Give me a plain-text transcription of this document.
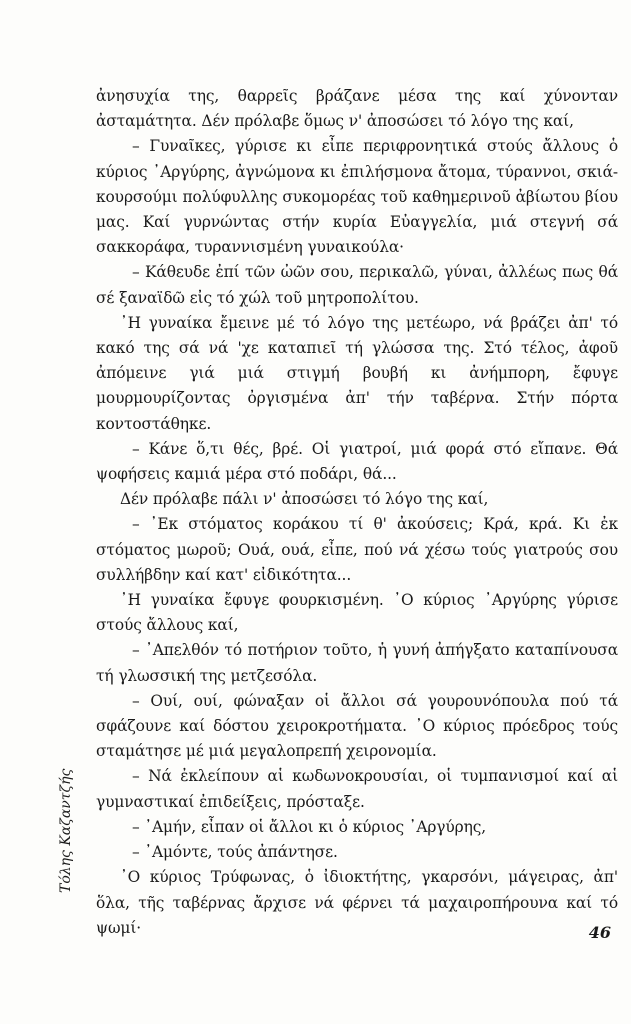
ἀνησυχία της, θαρρεῖς βράζανε μέσα της καί χύνονταν ἀσταμάτητα. Δέν πρόλαβε ὅμως ν' ἀποσώσει τό λόγο της καί,

– Γυναῖκες, γύρισε κι εἶπε περιφρονητικά στούς ἄλλους ὁ κύριος ᾿Αργύρης, ἀγνώμονα κι ἐπιλήσμονα ἄτομα, τύραννοι, σκιά-κουρσούμι πολύφυλλης συκομορέας τοῦ καθημερινοῦ ἀβίωτου βίου μας. Καί γυρνώντας στήν κυρία Εὐαγγελία, μιά στεγνή σά σακκοράφα, τυραννισμένη γυναικούλα·

– Κάθευδε ἐπί τῶν ὠῶν σου, περικαλῶ, γύναι, ἀλλέως πως θά σέ ξαναϊδῶ εἰς τό χώλ τοῦ μητροπολίτου.

᾿Η γυναίκα ἔμεινε μέ τό λόγο της μετέωρο, νά βράζει ἀπ' τό κακό της σά νά 'χε καταπιεῖ τή γλώσσα της. Στό τέλος, ἀφοῦ ἀπόμεινε γιά μιά στιγμή βουβή κι ἀνήμπορη, ἔφυγε μουρμουρίζοντας ὀργισμένα ἀπ' τήν ταβέρνα. Στήν πόρτα κοντοστάθηκε.

– Κάνε ὅ,τι θές, βρέ. Οἱ γιατροί, μιά φορά στό εἴπανε. Θά ψοφήσεις καμιά μέρα στό ποδάρι, θά...

Δέν πρόλαβε πάλι ν' ἀποσώσει τό λόγο της καί,

– ᾿Εκ στόματος κοράκου τί θ' ἀκούσεις; Κρά, κρά. Κι ἐκ στόματος μωροῦ; Ουά, ουά, εἶπε, πού νά χέσω τούς γιατρούς σου συλλήβδην καί κατ' εἰδικότητα...

᾿Η γυναίκα ἔφυγε φουρκισμένη. ᾿Ο κύριος ᾿Αργύρης γύρισε στούς ἄλλους καί,

– ᾿Απελθόν τό ποτήριον τοῦτο, ἡ γυνή ἀπήγξατο καταπίνουσα τή γλωσσική της μετζεσόλα.

– Ουί, ουί, φώναξαν οἱ ἄλλοι σά γουρουνόπουλα πού τά σφάζουνε καί δόστου χειροκροτήματα. ᾿Ο κύριος πρόεδρος τούς σταμάτησε μέ μιά μεγαλοπρεπή χειρονομία.

– Νά ἐκλείπουν αἱ κωδωνοκρουσίαι, οἱ τυμπανισμοί καί αἱ γυμναστικαί ἐπιδείξεις, πρόσταξε.

– ᾿Αμήν, εἶπαν οἱ ἄλλοι κι ὁ κύριος ᾿Αργύρης,

– ᾿Αμόντε, τούς ἀπάντησε.

᾿Ο κύριος Τρύφωνας, ὁ ἰδιοκτήτης, γκαρσόνι, μάγειρας, ἀπ' ὅλα, τῆς ταβέρνας ἄρχισε νά φέρνει τά μαχαιροπήρουνα καί τό ψωμί·

Τόλης Καζαντζής
46
